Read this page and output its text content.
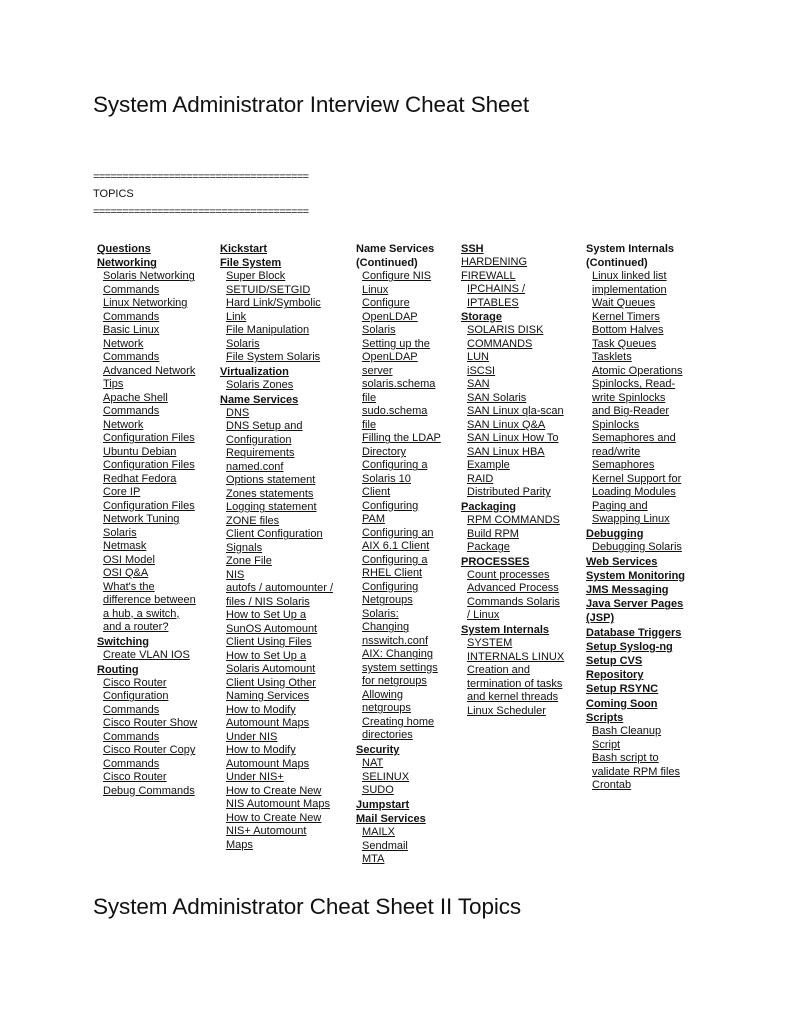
System Administrator Interview Cheat Sheet
=====================================
TOPICS
=====================================
Questions
Networking
Solaris Networking
Commands
Linux Networking
Commands
Basic Linux
Network
Commands
Advanced Network
Tips
Apache Shell
Commands
Network
Configuration Files
Ubuntu Debian
Configuration Files
Redhat Fedora
Core IP
Configuration Files
Network Tuning
Solaris
Netmask
OSI Model
OSI Q&A
What's the
difference between
a hub, a switch,
and a router?
Switching
Create VLAN IOS
Routing
Cisco Router
Configuration
Commands
Cisco Router Show
Commands
Cisco Router Copy
Commands
Cisco Router
Debug Commands
Kickstart
File System
Super Block
SETUID/SETGID
Hard Link/Symbolic
Link
File Manipulation
Solaris
File System Solaris
Virtualization
Solaris Zones
Name Services
DNS
DNS Setup and
Configuration
Requirements
named.conf
Options statement
Zones statements
Logging statement
ZONE files
Client Configuration
Signals
Zone File
NIS
autofs / automounter /
files / NIS Solaris
How to Set Up a
SunOS Automount
Client Using Files
How to Set Up a
Solaris Automount
Client Using Other
Naming Services
How to Modify
Automount Maps
Under NIS
How to Modify
Automount Maps
Under NIS+
How to Create New
NIS Automount Maps
How to Create New
NIS+ Automount
Maps
Name Services
(Continued)
Configure NIS
Linux
Configure
OpenLDAP
Solaris
Setting up the
OpenLDAP
server
solaris.schema
file
sudo.schema
file
Filling the LDAP
Directory
Configuring a
Solaris 10
Client
Configuring
PAM
Configuring an
AIX 6.1 Client
Configuring a
RHEL Client
Configuring
Netgroups
Solaris:
Changing
nsswitch.conf
AIX: Changing
system settings
for netgroups
Allowing
netgroups
Creating home
directories
Security
NAT
SELINUX
SUDO
Jumpstart
Mail Services
MAILX
Sendmail
MTA
SSH
HARDENING
FIREWALL
IPCHAINS /
IPTABLES
Storage
SOLARIS DISK
COMMANDS
LUN
iSCSI
SAN
SAN Solaris
SAN Linux qla-scan
SAN Linux Q&A
SAN Linux How To
SAN Linux HBA
Example
RAID
Distributed Parity
Packaging
RPM COMMANDS
Build RPM
Package
PROCESSES
Count processes
Advanced Process
Commands Solaris
/ Linux
System Internals
SYSTEM
INTERNALS LINUX
Creation and
termination of tasks
and kernel threads
Linux Scheduler
System Internals
(Continued)
Linux linked list
implementation
Wait Queues
Kernel Timers
Bottom Halves
Task Queues
Tasklets
Atomic Operations
Spinlocks, Read-
write Spinlocks
and Big-Reader
Spinlocks
Semaphores and
read/write
Semaphores
Kernel Support for
Loading Modules
Paging and
Swapping Linux
Debugging
Debugging Solaris
Web Services
System Monitoring
JMS Messaging
Java Server Pages
(JSP)
Database Triggers
Setup Syslog-ng
Setup CVS
Repository
Setup RSYNC
Coming Soon
Scripts
Bash Cleanup
Script
Bash script to
validate RPM files
Crontab
System Administrator Cheat Sheet II Topics
